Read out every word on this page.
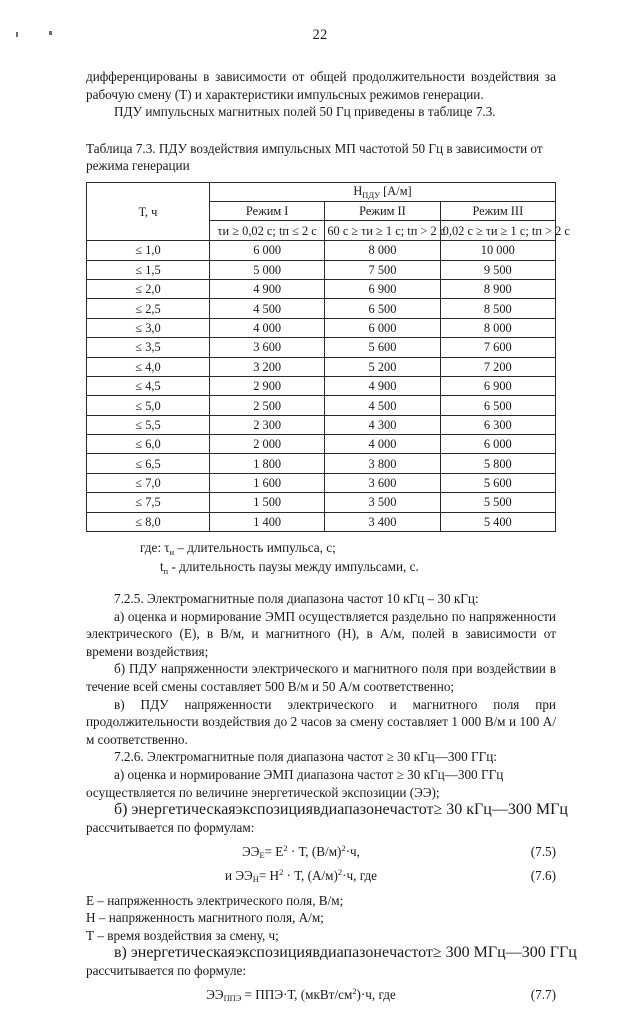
22

дифференцированы в зависимости от общей продолжительности воздействия за рабочую смену (Т) и характеристики импульсных режимов генерации.

ПДУ импульсных магнитных полей 50 Гц приведены в таблице 7.3.

Таблица 7.3. ПДУ воздействия импульсных МП частотой 50 Гц в зависимости от режима генерации

Т, ч	$H_{ПДУ}$ [А/м]		
	Режим I	Режим II	Режим III
	τи ≥ 0,02 с; tп ≤ 2 с	60 с ≥ τи ≥ 1 с; tп > 2 с	0,02 с ≥ τи ≥ 1 с; tп > 2 с
≤ 1,0	6 000	8 000	10 000
≤ 1,5	5 000	7 500	9 500
≤ 2,0	4 900	6 900	8 900
≤ 2,5	4 500	6 500	8 500
≤ 3,0	4 000	6 000	8 000
≤ 3,5	3 600	5 600	7 600
≤ 4,0	3 200	5 200	7 200
≤ 4,5	2 900	4 900	6 900
≤ 5,0	2 500	4 500	6 500
≤ 5,5	2 300	4 300	6 300
≤ 6,0	2 000	4 000	6 000
≤ 6,5	1 800	3 800	5 800
≤ 7,0	1 600	3 600	5 600
≤ 7,5	1 500	3 500	5 500
≤ 8,0	1 400	3 400	5 400
где: $\tau_и$ – длительность импульса, с;
$t_п$ - длительность паузы между импульсами, с.

7.2.5. Электромагнитные поля диапазона частот 10 кГц – 30 кГц:

а) оценка и нормирование ЭМП осуществляется раздельно по напряженности электрического (Е), в В/м, и магнитного (Н), в А/м, полей в зависимости от времени воздействия;

б) ПДУ напряженности электрического и магнитного поля при воздействии в течение всей смены составляет 500 В/м и 50 А/м соответственно;

в) ПДУ напряженности электрического и магнитного поля при продолжительности воздействия до 2 часов за смену составляет 1 000 В/м и 100 А/м соответственно.

7.2.6. Электромагнитные поля диапазона частот ≥ 30 кГц—300 ГГц:

а) оценка и нормирование ЭМП диапазона частот ≥ 30 кГц—300 ГГц

осуществляется по величине энергетической экспозиции (ЭЭ);

б) энергетическая экспозиция в диапазоне частот ≥ 30 кГц—300 МГц

рассчитывается по формулам:

$ЭЭ_Е= E^2 \cdot Т$, $(В/м)^2\cdot ч$,	(7.5)
и $ЭЭ_Н= H^2 \cdot Т$, $(А/м)^2\cdot ч$, где	(7.6)
Е – напряженность электрического поля, В/м;
Н – напряженность магнитного поля, А/м;
Т – время воздействия за смену, ч;
в) энергетическая экспозиция в диапазоне частот ≥ 300 МГц—300 ГГц

рассчитывается по формуле:

$ЭЭ_{ППЭ} = ППЭ\cdot Т$, $(мкВт/см^2)\cdot ч$, где	(7.7)
